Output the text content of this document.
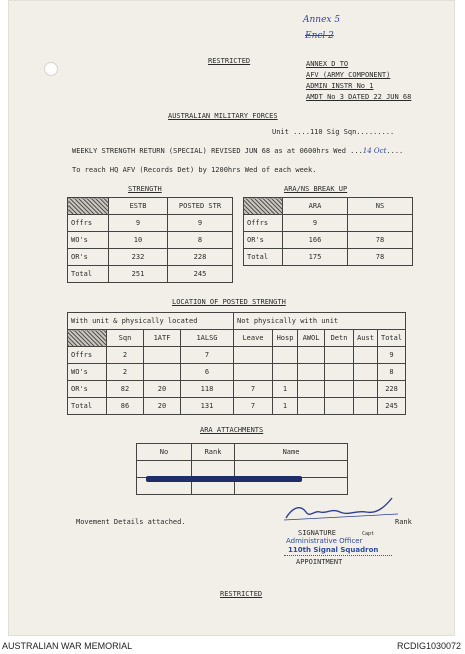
Annex 5
Encl 2
RESTRICTED	ANNEX D TO
AFV (ARMY COMPONENT)
ADMIN INSTR No 1
AMDT No 3 DATED 22 JUN 68
AUSTRALIAN MILITARY FORCES
Unit ....110 Sig Sqn.........
WEEKLY STRENGTH RETURN (SPECIAL) REVISED JUN 68 as at 0600hrs Wed ...14 Oct....
To reach HQ AFV (Records Det) by 1200hrs Wed of each week.
STRENGTH	ARA/NS BREAK UP
	ESTB	POSTED STR
Offrs	9	9
WO's	10	8
OR's	232	228
Total	251	245
	ARA	NS
Offrs	9	
OR's	166	78
Total	175	78
LOCATION OF POSTED STRENGTH
With unit & physically located				Not physically with unit					
	Sqn	1ATF	1ALSG	Leave	Hosp	AWOL	Detn	Aust	Total
Offrs	2		7						9
WO's	2		6						8
OR's	82	20	118	7	1				228
Total	86	20	131	7	1				245
ARA ATTACHMENTS
No	Rank	Name

Movement Details attached.	Rank
SIGNATURE	Capt
Administrative Officer
110th Signal Squadron
APPOINTMENT
RESTRICTED
AUSTRALIAN WAR MEMORIAL	RCDIG1030072
